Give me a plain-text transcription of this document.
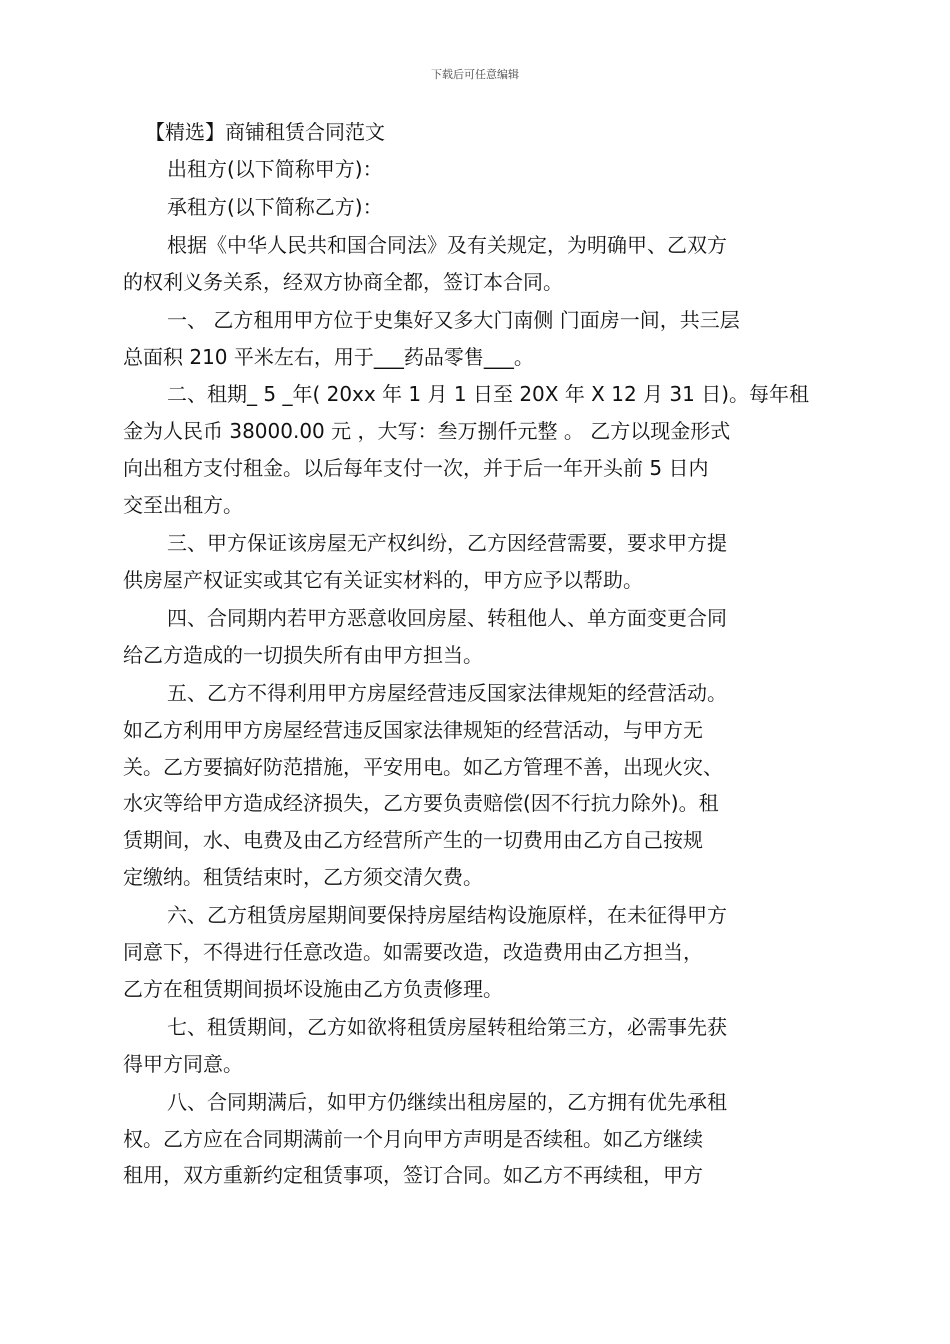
下载后可任意编辑
【精选】商铺租赁合同范文
出租方(以下简称甲方)：
承租方(以下简称乙方)：
根据《中华人民共和国合同法》及有关规定，为明确甲、乙双方
的权利义务关系，经双方协商全都，签订本合同。
一、 乙方租用甲方位于史集好又多大门南侧 门面房一间，共三层
总面积 210 平米左右，用于___药品零售___。
二、租期_ 5 _年( 20xx 年 1 月 1 日至 20X 年 X 12 月 31 日)。每年租
金为人民币 38000.00 元 ，大写：叁万捌仟元整 。 乙方以现金形式
向出租方支付租金。以后每年支付一次，并于后一年开头前 5 日内
交至出租方。
三、甲方保证该房屋无产权纠纷，乙方因经营需要，要求甲方提
供房屋产权证实或其它有关证实材料的，甲方应予以帮助。
四、合同期内若甲方恶意收回房屋、转租他人、单方面变更合同
给乙方造成的一切损失所有由甲方担当。
五、乙方不得利用甲方房屋经营违反国家法律规矩的经营活动。
如乙方利用甲方房屋经营违反国家法律规矩的经营活动，与甲方无
关。乙方要搞好防范措施，平安用电。如乙方管理不善，出现火灾、
水灾等给甲方造成经济损失，乙方要负责赔偿(因不行抗力除外)。租
赁期间，水、电费及由乙方经营所产生的一切费用由乙方自己按规
定缴纳。租赁结束时，乙方须交清欠费。
六、乙方租赁房屋期间要保持房屋结构设施原样，在未征得甲方
同意下，不得进行任意改造。如需要改造，改造费用由乙方担当，
乙方在租赁期间损坏设施由乙方负责修理。
七、租赁期间，乙方如欲将租赁房屋转租给第三方，必需事先获
得甲方同意。
八、合同期满后，如甲方仍继续出租房屋的，乙方拥有优先承租
权。乙方应在合同期满前一个月向甲方声明是否续租。如乙方继续
租用，双方重新约定租赁事项，签订合同。如乙方不再续租，甲方
